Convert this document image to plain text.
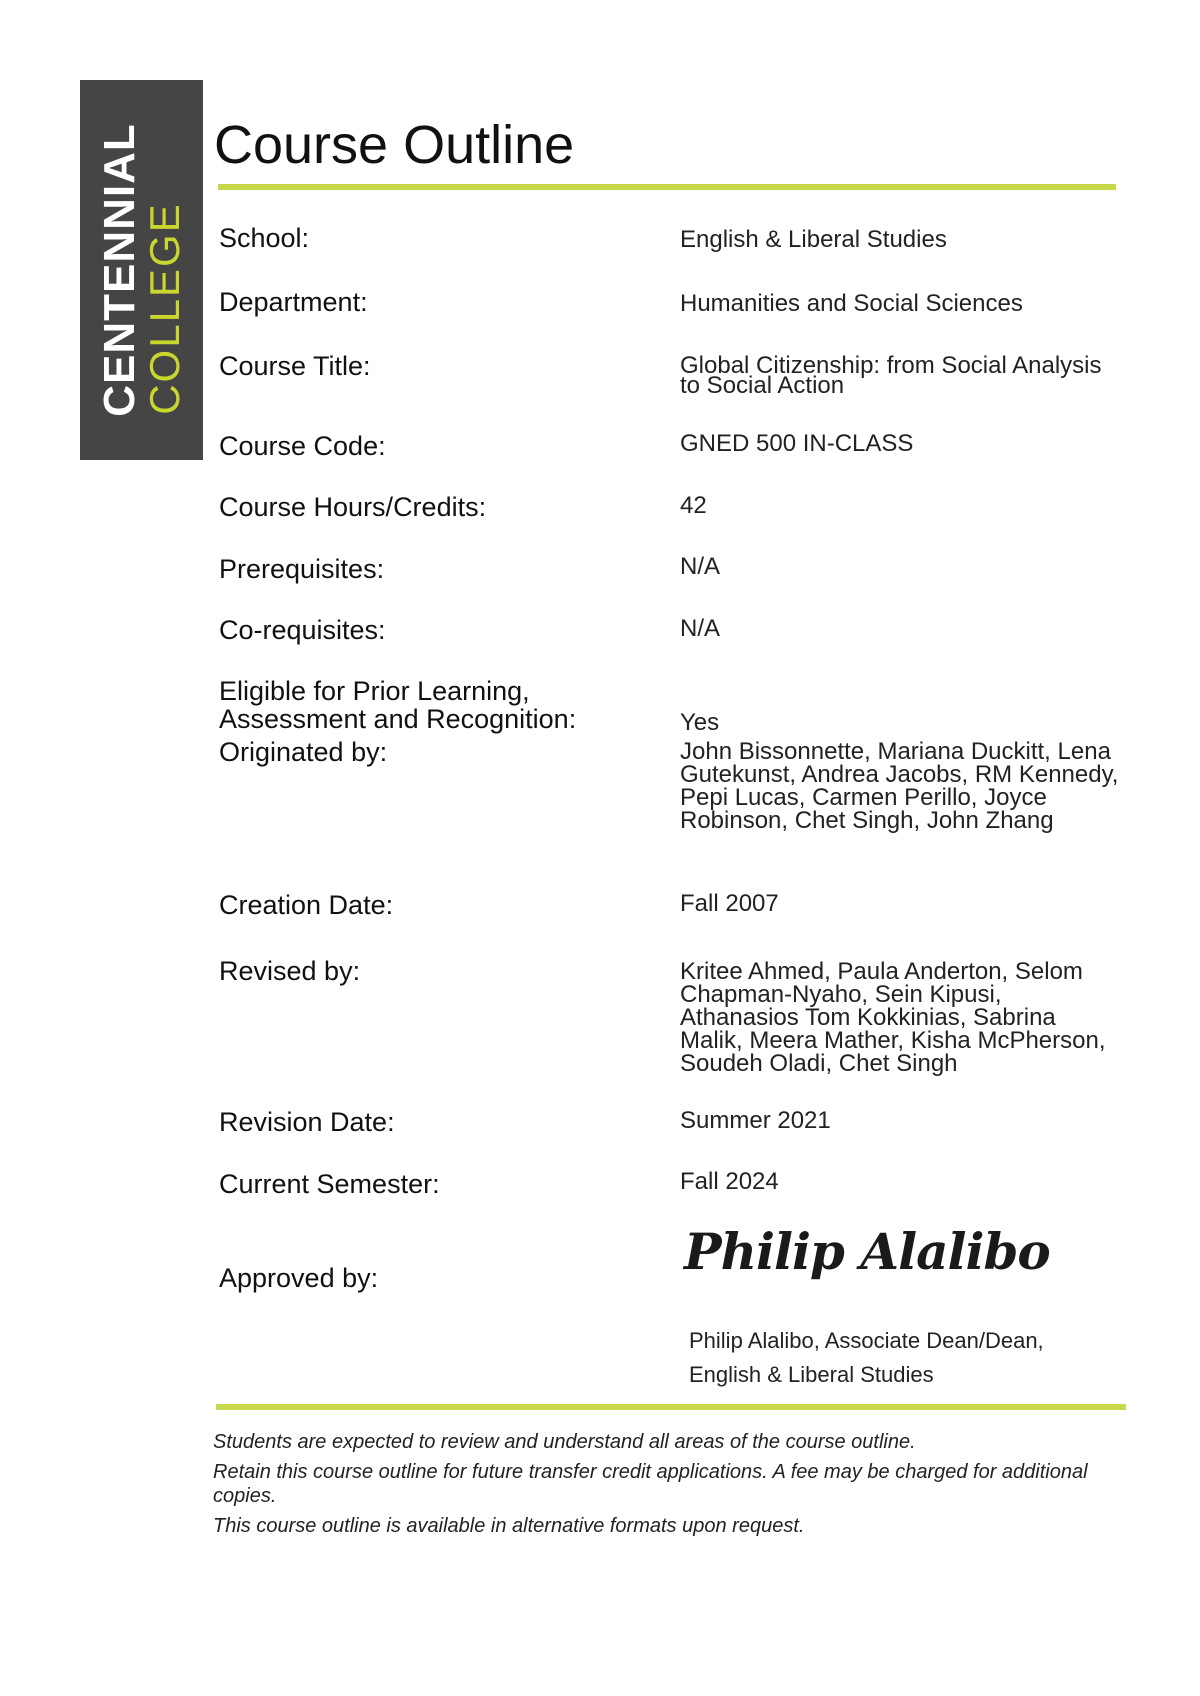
CENTENNIAL
COLLEGE
Course Outline
School:	English & Liberal Studies
Department:	Humanities and Social Sciences
Course Title:	Global Citizenship: from Social Analysis to Social Action
Course Code:	GNED 500 IN-CLASS
Course Hours/Credits:	42
Prerequisites:	N/A
Co-requisites:	N/A
Eligible for Prior Learning,
Assessment and Recognition:	Yes
Originated by:	John Bissonnette, Mariana Duckitt, Lena Gutekunst, Andrea Jacobs, RM Kennedy, Pepi Lucas, Carmen Perillo, Joyce Robinson, Chet Singh, John Zhang
Creation Date:	Fall 2007
Revised by:	Kritee Ahmed, Paula Anderton, Selom Chapman-Nyaho, Sein Kipusi, Athanasios Tom Kokkinias, Sabrina Malik, Meera Mather, Kisha McPherson, Soudeh Oladi, Chet Singh
Revision Date:	Summer 2021
Current Semester:	Fall 2024
Approved by:	Philip Alalibo
Philip Alalibo, Associate Dean/Dean,
English & Liberal Studies

Students are expected to review and understand all areas of the course outline.

Retain this course outline for future transfer credit applications. A fee may be charged for additional copies.

This course outline is available in alternative formats upon request.
